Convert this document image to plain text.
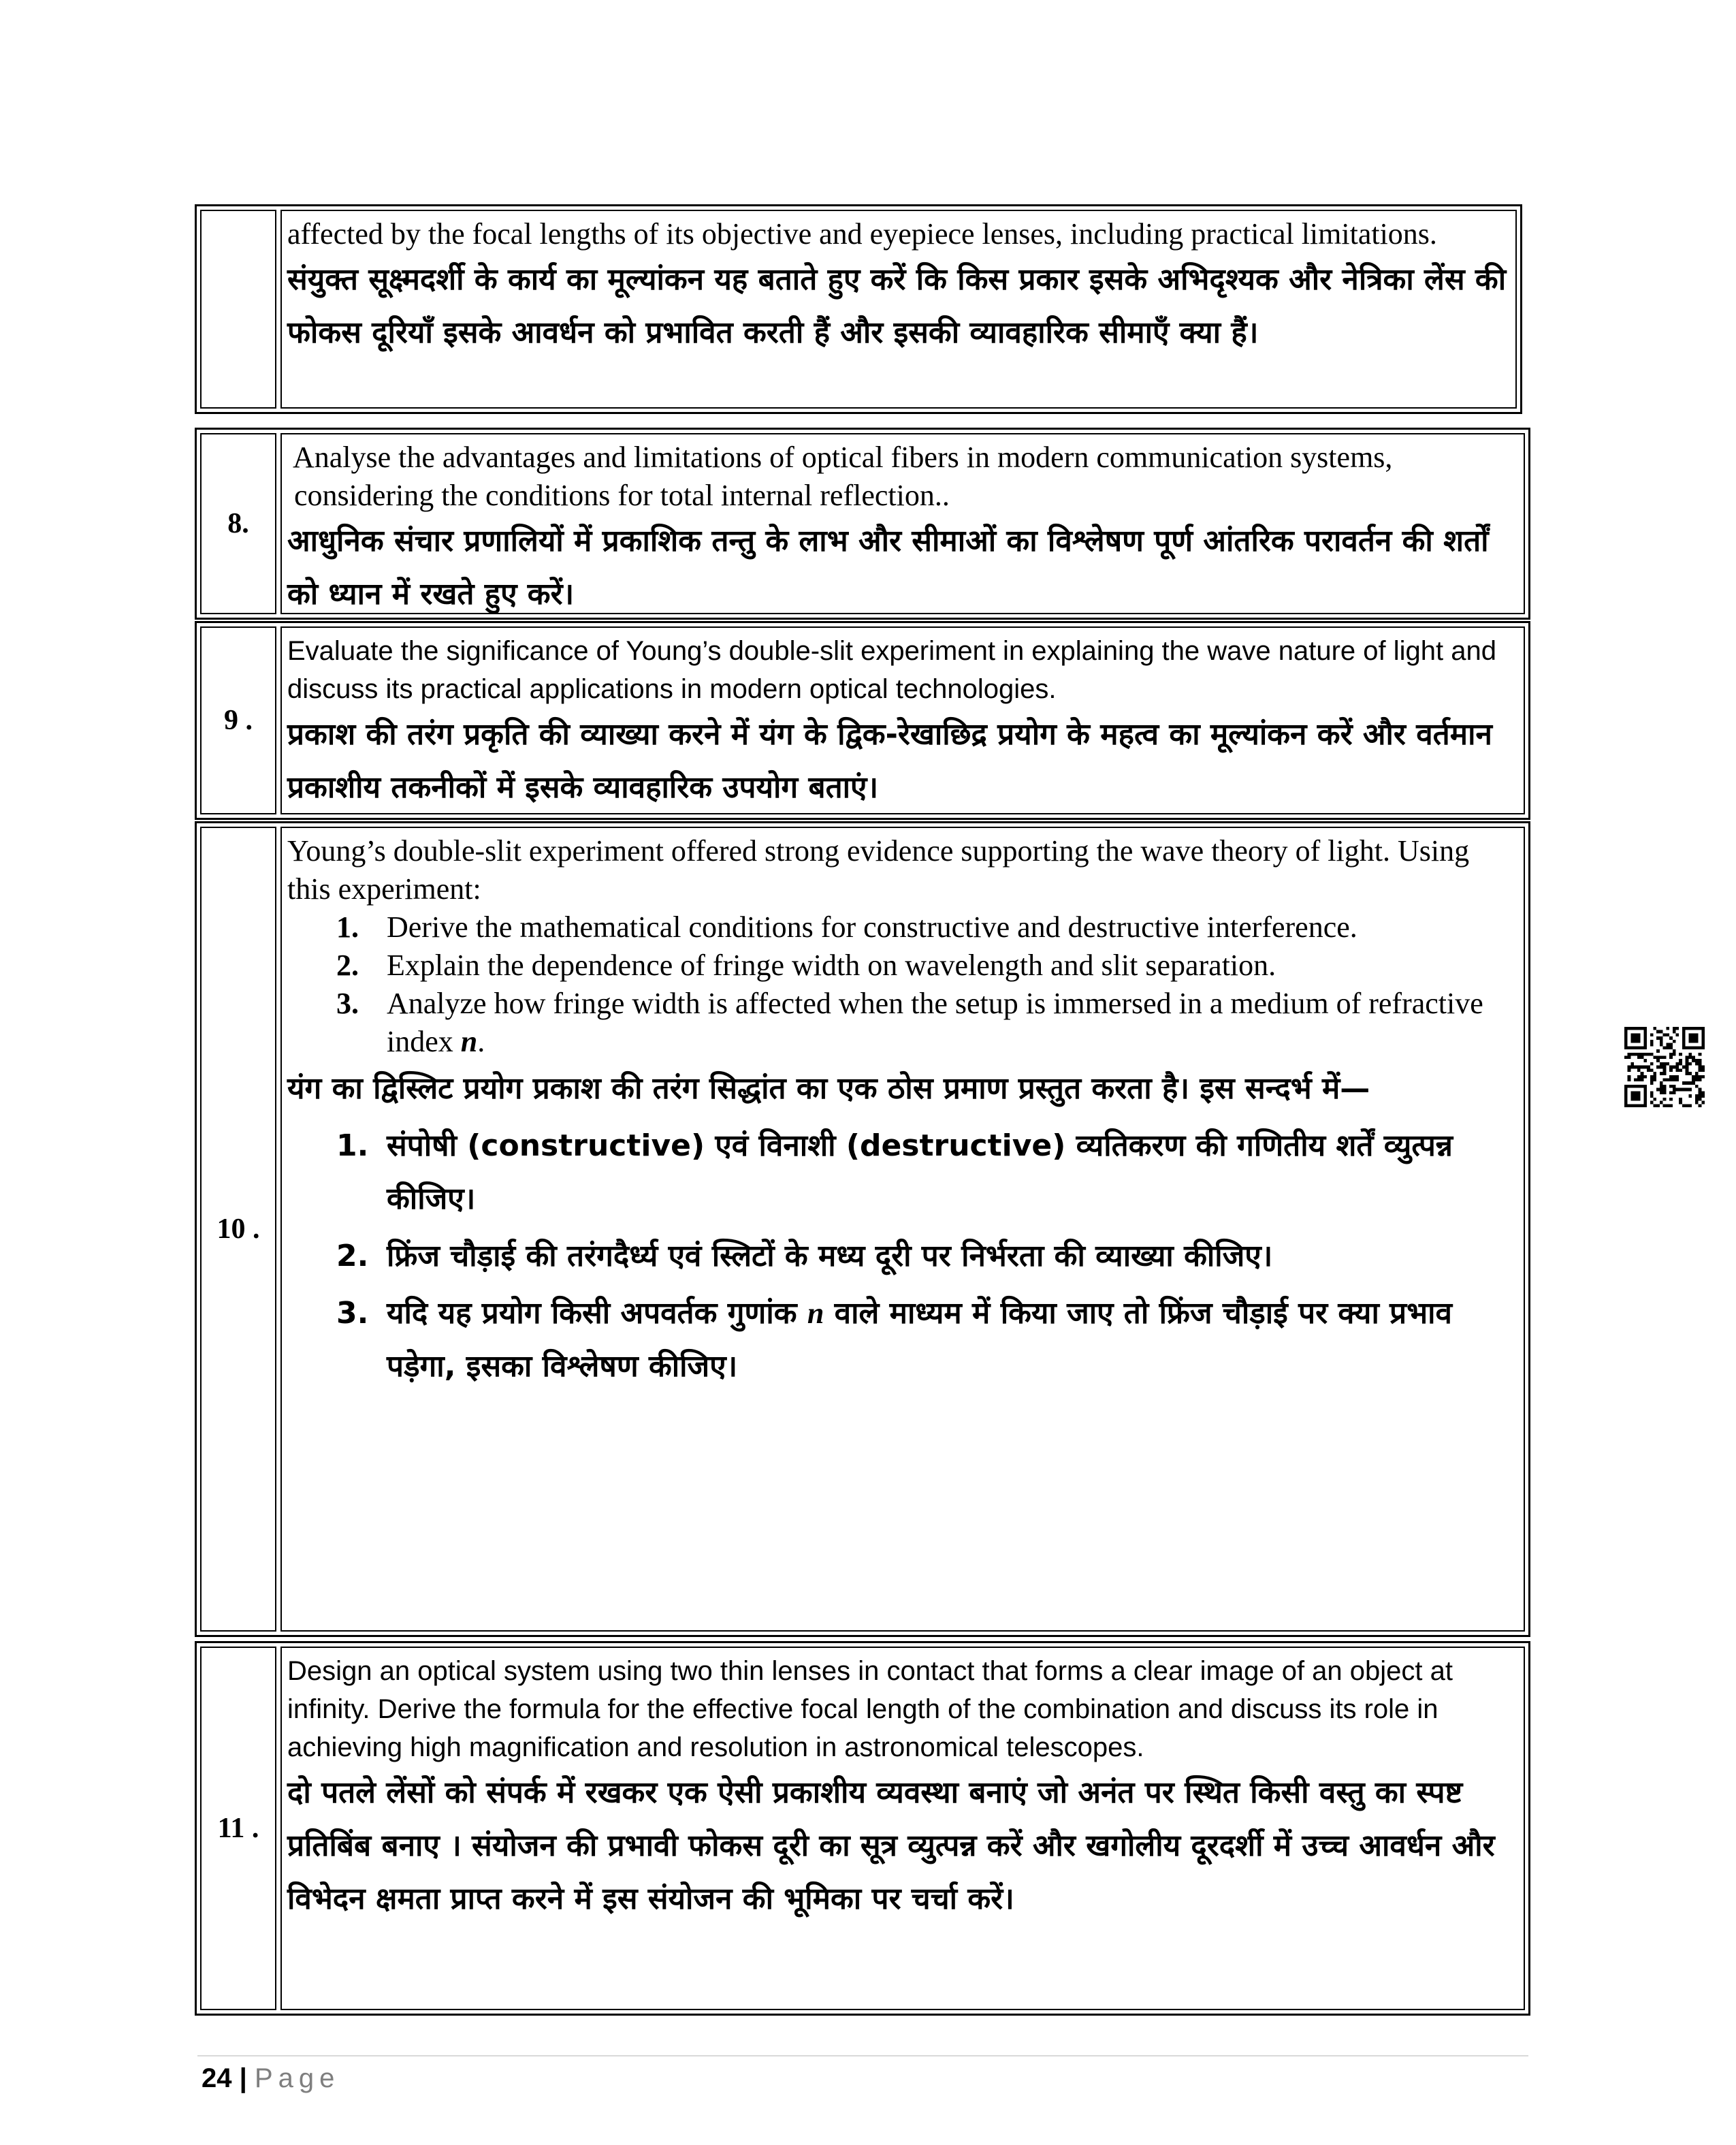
affected by the focal lengths of its objective and eyepiece lenses, including practical limitations.
संयुक्त सूक्ष्मदर्शी के कार्य का मूल्यांकन यह बताते हुए करें कि किस प्रकार इसके अभिदृश्यक और नेत्रिका लेंस की फोकस दूरियाँ इसके आवर्धन को प्रभावित करती हैं और इसकी व्यावहारिक सीमाएँ क्या हैं।
8.
Analyse the advantages and limitations of optical fibers in modern communication systems, considering the conditions for total internal reflection..
आधुनिक संचार प्रणालियों में प्रकाशिक तन्तु के लाभ और सीमाओं का विश्लेषण पूर्ण आंतरिक परावर्तन की शर्तों को ध्यान में रखते हुए करें।
9 .
Evaluate the significance of Young’s double-slit experiment in explaining the wave nature of light and discuss its practical applications in modern optical technologies.
प्रकाश की तरंग प्रकृति की व्याख्या करने में यंग के द्विक-रेखाछिद्र प्रयोग के महत्व का मूल्यांकन करें और वर्तमान प्रकाशीय तकनीकों में इसके व्यावहारिक उपयोग बताएं।
10 .
Young’s double-slit experiment offered strong evidence supporting the wave theory of light. Using this experiment:
1. Derive the mathematical conditions for constructive and destructive interference.
2. Explain the dependence of fringe width on wavelength and slit separation.
3. Analyze how fringe width is affected when the setup is immersed in a medium of refractive index n.
यंग का द्विस्लिट प्रयोग प्रकाश की तरंग सिद्धांत का एक ठोस प्रमाण प्रस्तुत करता है। इस सन्दर्भ में—
1. संपोषी (constructive) एवं विनाशी (destructive) व्यतिकरण की गणितीय शर्तें व्युत्पन्न कीजिए।
2. फ्रिंज चौड़ाई की तरंगदैर्ध्य एवं स्लिटों के मध्य दूरी पर निर्भरता की व्याख्या कीजिए।
3. यदि यह प्रयोग किसी अपवर्तक गुणांक n वाले माध्यम में किया जाए तो फ्रिंज चौड़ाई पर क्या प्रभाव पड़ेगा, इसका विश्लेषण कीजिए।
11 .
Design an optical system using two thin lenses in contact that forms a clear image of an object at infinity. Derive the formula for the effective focal length of the combination and discuss its role in achieving high magnification and resolution in astronomical telescopes.
दो पतले लेंसों को संपर्क में रखकर एक ऐसी प्रकाशीय व्यवस्था बनाएं जो अनंत पर स्थित किसी वस्तु का स्पष्ट प्रतिबिंब बनाए । संयोजन की प्रभावी फोकस दूरी का सूत्र व्युत्पन्न करें और खगोलीय दूरदर्शी में उच्च आवर्धन और विभेदन क्षमता प्राप्त करने में इस संयोजन की भूमिका पर चर्चा करें।
24 | Page
